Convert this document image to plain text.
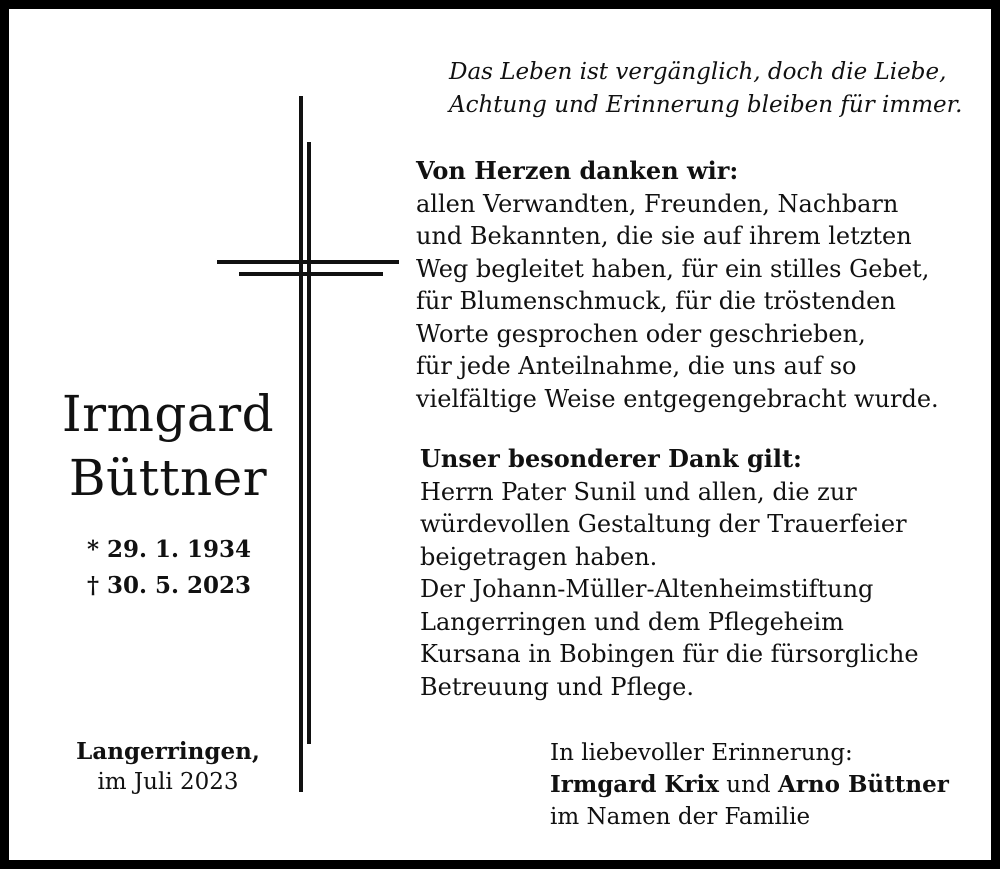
Das Leben ist vergänglich, doch die Liebe,
Achtung und Erinnerung bleiben für immer.
Irmgard
Büttner
* 29. 1. 1934
† 30. 5. 2023
Langerringen,
im Juli 2023
Von Herzen danken wir:
allen Verwandten, Freunden, Nachbarn
und Bekannten, die sie auf ihrem letzten
Weg begleitet haben, für ein stilles Gebet,
für Blumenschmuck, für die tröstenden
Worte gesprochen oder geschrieben,
für jede Anteilnahme, die uns auf so
vielfältige Weise entgegengebracht wurde.
Unser besonderer Dank gilt:
Herrn Pater Sunil und allen, die zur
würdevollen Gestaltung der Trauerfeier
beigetragen haben.
Der Johann-Müller-Altenheimstiftung
Langerringen und dem Pflegeheim
Kursana in Bobingen für die fürsorgliche
Betreuung und Pflege.
In liebevoller Erinnerung:
Irmgard Krix und Arno Büttner
im Namen der Familie
